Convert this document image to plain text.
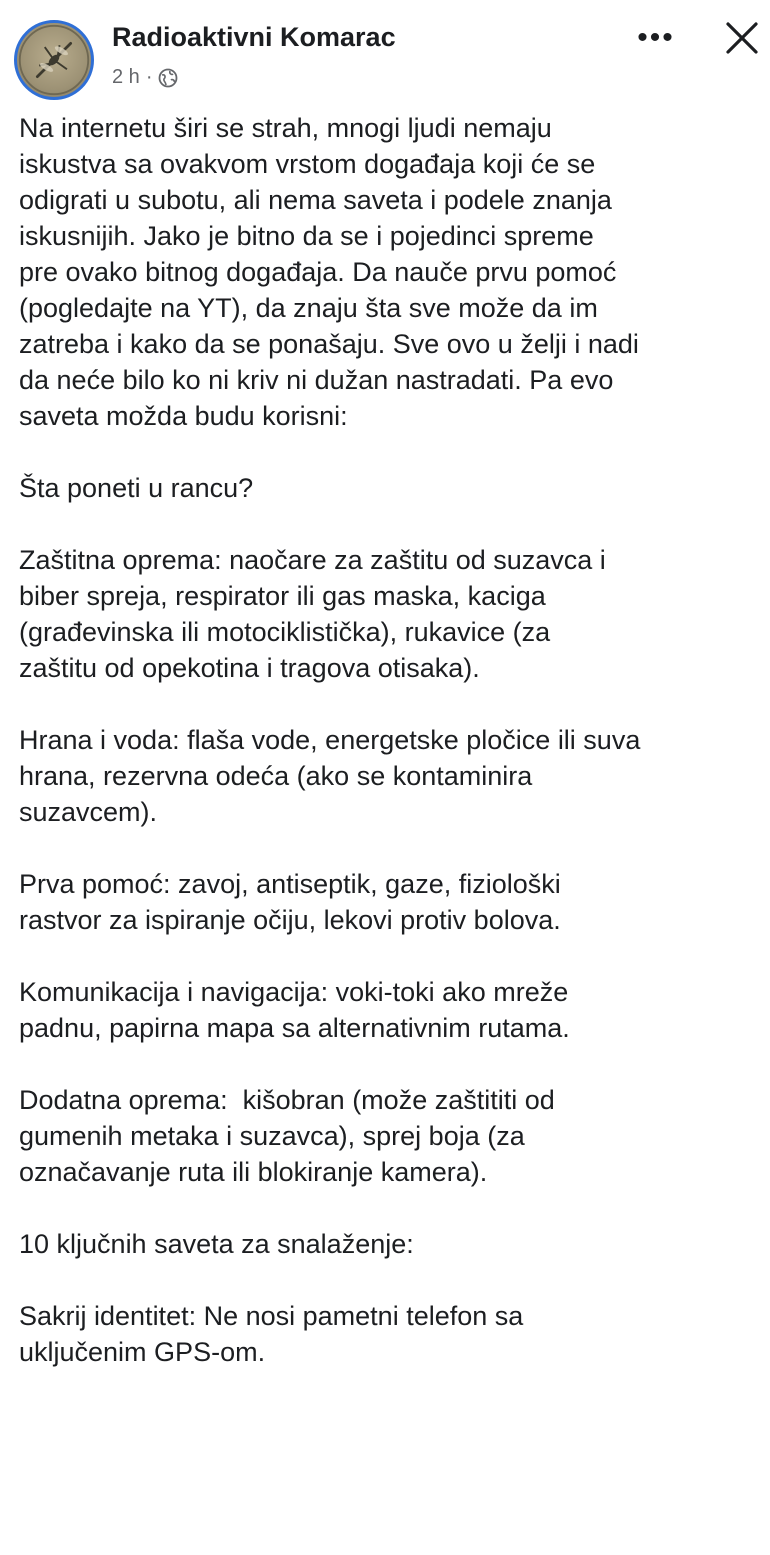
Radioaktivni Komarac
2 h ·
•••

Na internetu širi se strah, mnogi ljudi nemaju
iskustva sa ovakvom vrstom događaja koji će se
odigrati u subotu, ali nema saveta i podele znanja
iskusnijih. Jako je bitno da se i pojedinci spreme
pre ovako bitnog događaja. Da nauče prvu pomoć
(pogledajte na YT), da znaju šta sve može da im
zatreba i kako da se ponašaju. Sve ovo u želji i nadi
da neće bilo ko ni kriv ni dužan nastradati. Pa evo
saveta možda budu korisni:

Šta poneti u rancu?

Zaštitna oprema: naočare za zaštitu od suzavca i
biber spreja, respirator ili gas maska, kaciga
(građevinska ili motociklistička), rukavice (za
zaštitu od opekotina i tragova otisaka).

Hrana i voda: flaša vode, energetske pločice ili suva
hrana, rezervna odeća (ako se kontaminira
suzavcem).

Prva pomoć: zavoj, antiseptik, gaze, fiziološki
rastvor za ispiranje očiju, lekovi protiv bolova.

Komunikacija i navigacija: voki-toki ako mreže
padnu, papirna mapa sa alternativnim rutama.

Dodatna oprema:  kišobran (može zaštititi od
gumenih metaka i suzavca), sprej boja (za
označavanje ruta ili blokiranje kamera).

10 ključnih saveta za snalaženje:

Sakrij identitet: Ne nosi pametni telefon sa
uključenim GPS-om.
